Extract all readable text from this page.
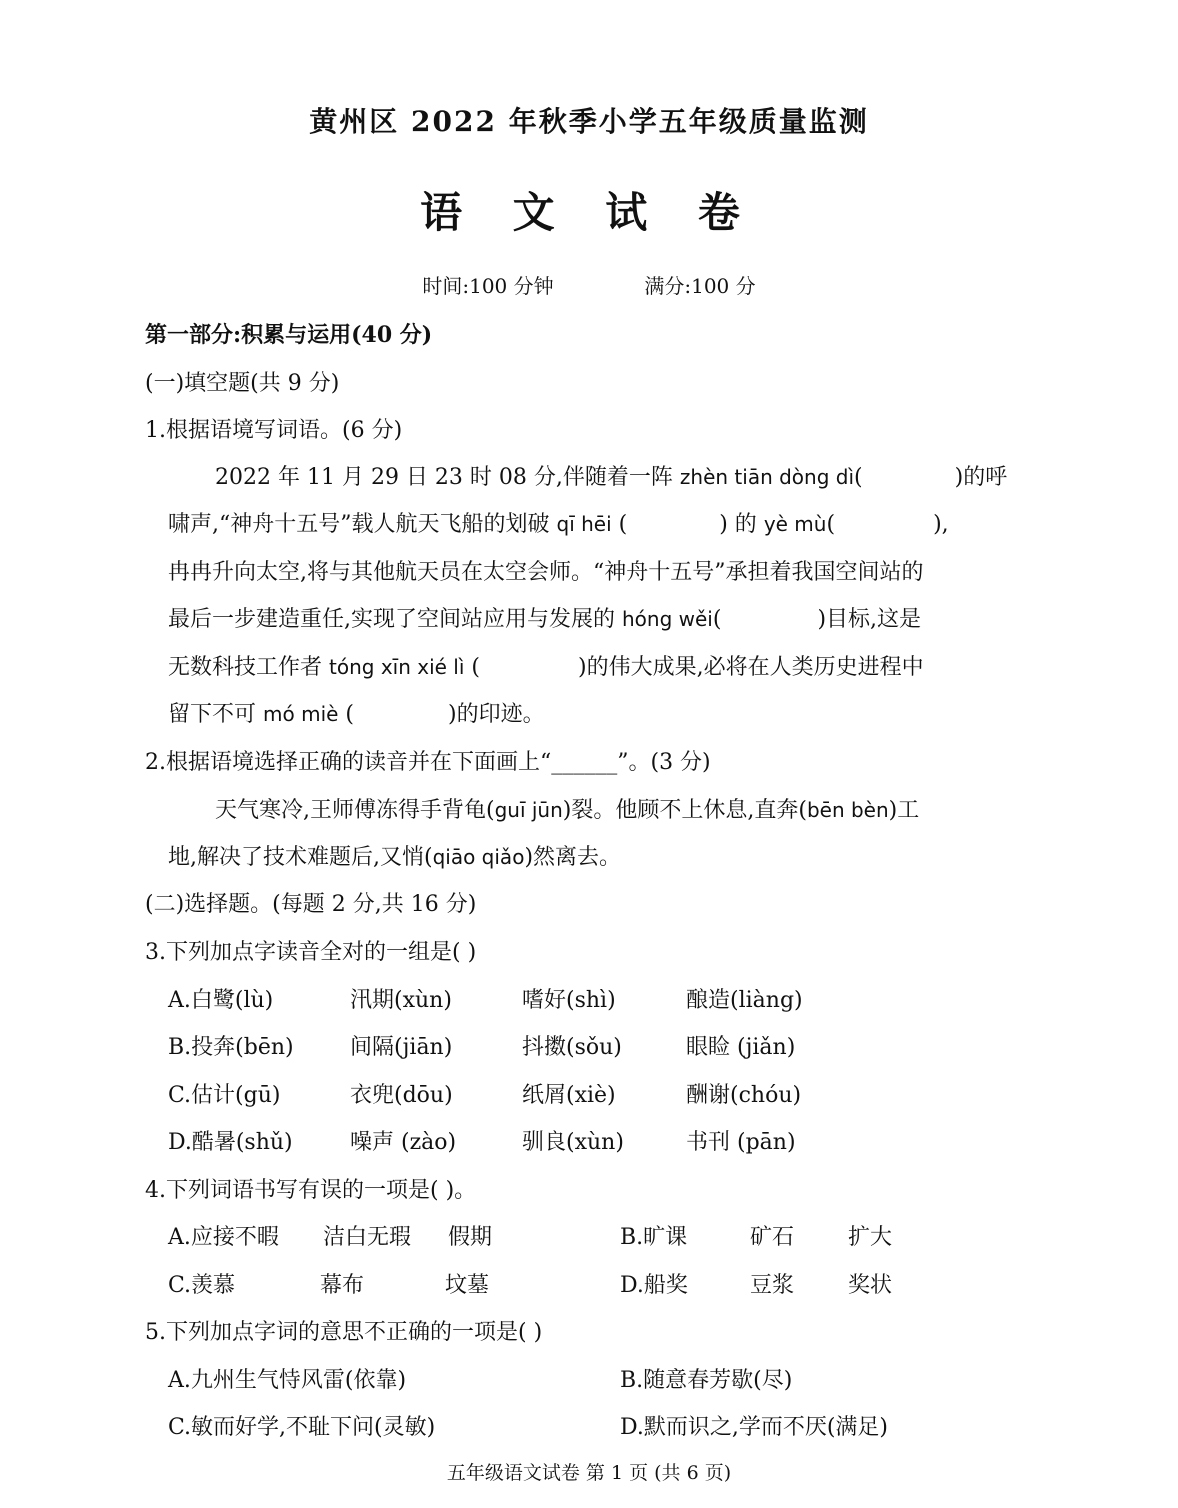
黄州区 2022 年秋季小学五年级质量监测
语 文 试 卷
时间:100 分钟	满分:100 分
第一部分:积累与运用(40 分)
(一)填空题(共 9 分)
1.根据语境写词语。(6 分)
2022 年 11 月 29 日 23 时 08 分,伴随着一阵 zhèn tiān dòng dì(	)的呼
啸声,“神舟十五号”载人航天飞船的划破 qī hēi (	) 的 yè mù(	),
冉冉升向太空,将与其他航天员在太空会师。“神舟十五号”承担着我国空间站的
最后一步建造重任,实现了空间站应用与发展的 hóng wěi(	)目标,这是
无数科技工作者 tóng xīn xié lì (	)的伟大成果,必将在人类历史进程中
留下不可 mó miè (	)的印迹。
2.根据语境选择正确的读音并在下面画上“______”。(3 分)
天气寒冷,王师傅冻得手背龟(guī jūn)裂。他顾不上休息,直奔(bēn bèn)工
地,解决了技术难题后,又悄(qiāo qiǎo)然离去。
(二)选择题。(每题 2 分,共 16 分)
3.下列加点字读音全对的一组是( )
A.白鹭(lù)	汛期(xùn)	嗜好(shì)	酿造(liàng)
B.投奔(bēn)	间隔(jiān)	抖擞(sǒu)	眼睑 (jiǎn)
C.估计(gū)	衣兜(dōu)	纸屑(xiè)	酬谢(chóu)
D.酷暑(shǔ)	噪声 (zào)	驯良(xùn)	书刊 (pān)
4.下列词语书写有误的一项是( )。
A.应接不暇 洁白无瑕 假期	B.旷课	矿石 扩大
C.羡慕	幕布	坟墓	D.船奖	豆浆 奖状
5.下列加点字词的意思不正确的一项是( )
A.九州生气恃风雷(依靠)	B.随意春芳歇(尽)
C.敏而好学,不耻下问(灵敏)	D.默而识之,学而不厌(满足)
五年级语文试卷 第 1 页 (共 6 页)
